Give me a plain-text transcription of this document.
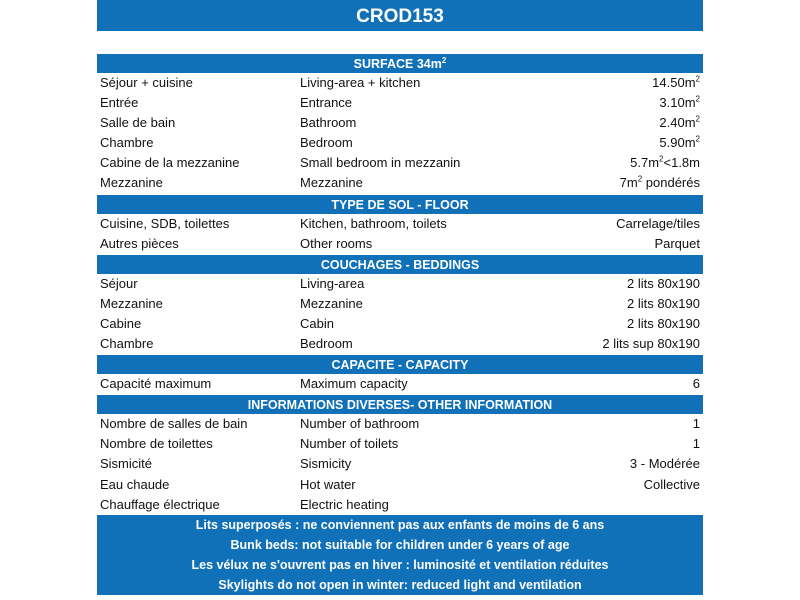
CROD153
SURFACE $34m^2$
Séjour + cuisine	Living-area + kitchen	$14.50m^2$
Entrée	Entrance	$3.10m^2$
Salle de bain	Bathroom	$2.40m^2$
Chambre	Bedroom	$5.90m^2$
Cabine de la mezzanine	Small bedroom in mezzanin	$5.7m^2<1.8m$
Mezzanine	Mezzanine	$7m^2$ pondérés
TYPE DE SOL - FLOOR
Cuisine, SDB, toilettes	Kitchen, bathroom, toilets	Carrelage/tiles
Autres pièces	Other rooms	Parquet
COUCHAGES - BEDDINGS
Séjour	Living-area	2 lits 80x190
Mezzanine	Mezzanine	2 lits 80x190
Cabine	Cabin	2 lits 80x190
Chambre	Bedroom	2 lits sup 80x190
CAPACITE - CAPACITY
Capacité maximum	Maximum capacity	6
INFORMATIONS DIVERSES- OTHER INFORMATION
Nombre de salles de bain	Number of bathroom	1
Nombre de toilettes	Number of toilets	1
Sismicité	Sismicity	3 - Modérée
Eau chaude	Hot water	Collective
Chauffage électrique	Electric heating
Lits superposés : ne conviennent pas aux enfants de moins de 6 ans
Bunk beds: not suitable for children under 6 years of age
Les vélux ne s'ouvrent pas en hiver : luminosité et ventilation réduites
Skylights do not open in winter: reduced light and ventilation
